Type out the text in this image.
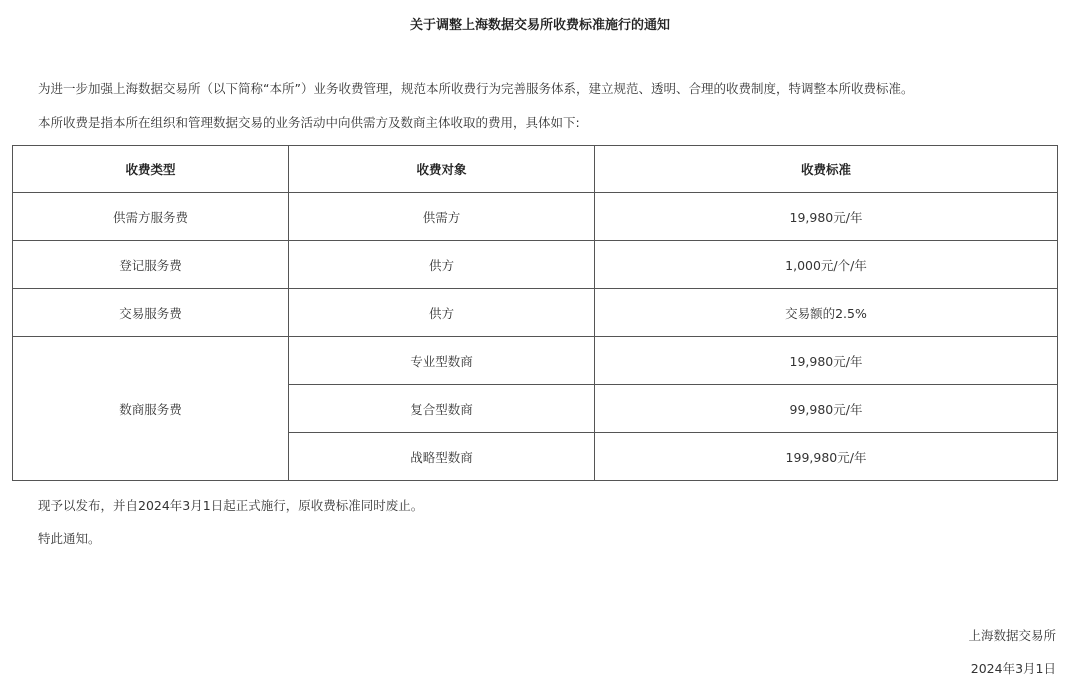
关于调整上海数据交易所收费标准施行的通知
为进一步加强上海数据交易所（以下简称“本所”）业务收费管理，规范本所收费行为完善服务体系，建立规范、透明、合理的收费制度，特调整本所收费标准。
本所收费是指本所在组织和管理数据交易的业务活动中向供需方及数商主体收取的费用，具体如下:
收费类型	收费对象	收费标准
供需方服务费	供需方	19,980元/年
登记服务费	供方	1,000元/个/年
交易服务费	供方	交易额的2.5%
数商服务费	专业型数商	19,980元/年
	复合型数商	99,980元/年
	战略型数商	199,980元/年
现予以发布，并自2024年3月1日起正式施行，原收费标准同时废止。
特此通知。
上海数据交易所
2024年3月1日
